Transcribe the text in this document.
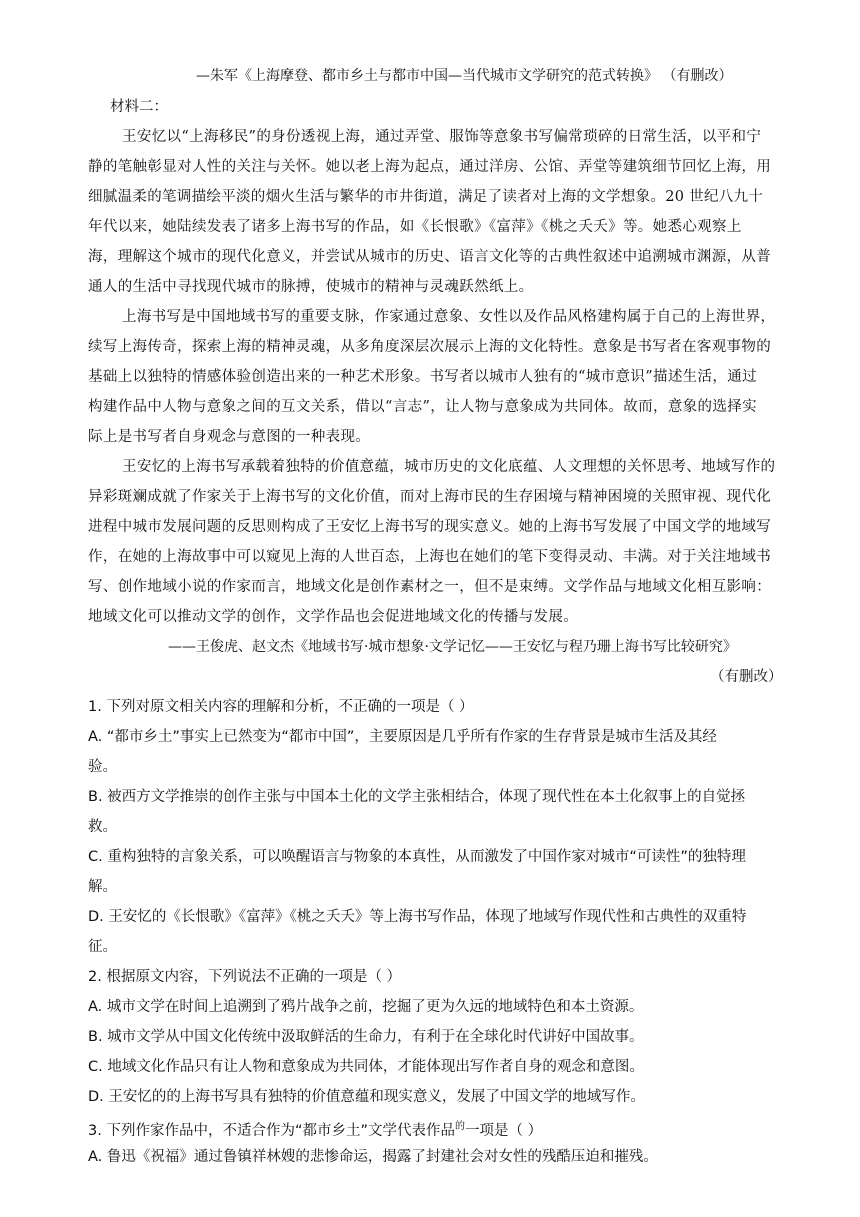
—朱军《上海摩登、都市乡土与都市中国—当代城市文学研究的范式转换》 （有删改）
材料二：
王安忆以“上海移民”的身份透视上海，通过弄堂、服饰等意象书写偏常琐碎的日常生活，以平和宁
静的笔触彰显对人性的关注与关怀。她以老上海为起点，通过洋房、公馆、弄堂等建筑细节回忆上海，用
细腻温柔的笔调描绘平淡的烟火生活与繁华的市井街道，满足了读者对上海的文学想象。20 世纪八九十
年代以来，她陆续发表了诸多上海书写的作品，如《长恨歌》《富萍》《桃之夭夭》等。她悉心观察上
海，理解这个城市的现代化意义，并尝试从城市的历史、语言文化等的古典性叙述中追溯城市渊源，从普
通人的生活中寻找现代城市的脉搏，使城市的精神与灵魂跃然纸上。
上海书写是中国地域书写的重要支脉，作家通过意象、女性以及作品风格建构属于自己的上海世界，
续写上海传奇，探索上海的精神灵魂，从多角度深层次展示上海的文化特性。意象是书写者在客观事物的
基础上以独特的情感体验创造出来的一种艺术形象。书写者以城市人独有的“城市意识”描述生活，通过
构建作品中人物与意象之间的互文关系，借以“言志”，让人物与意象成为共同体。故而，意象的选择实
际上是书写者自身观念与意图的一种表现。
王安忆的上海书写承载着独特的价值意蕴，城市历史的文化底蕴、人文理想的关怀思考、地域写作的
异彩斑斓成就了作家关于上海书写的文化价值，而对上海市民的生存困境与精神困境的关照审视、现代化
进程中城市发展问题的反思则构成了王安忆上海书写的现实意义。她的上海书写发展了中国文学的地域写
作，在她的上海故事中可以窥见上海的人世百态，上海也在她们的笔下变得灵动、丰满。对于关注地域书
写、创作地域小说的作家而言，地域文化是创作素材之一，但不是束缚。文学作品与地域文化相互影响：
地域文化可以推动文学的创作，文学作品也会促进地域文化的传播与发展。
——王俊虎、赵文杰《地域书写·城市想象·文学记忆——王安忆与程乃珊上海书写比较研究》
（有删改）
1. 下列对原文相关内容的理解和分析，不正确的一项是（ ）
A. “都市乡土”事实上已然变为“都市中国”，主要原因是几乎所有作家的生存背景是城市生活及其经
验。
B. 被西方文学推崇的创作主张与中国本土化的文学主张相结合，体现了现代性在本土化叙事上的自觉拯
救。
C. 重构独特的言象关系，可以唤醒语言与物象的本真性，从而激发了中国作家对城市“可读性”的独特理
解。
D. 王安忆的《长恨歌》《富萍》《桃之夭夭》等上海书写作品，体现了地域写作现代性和古典性的双重特
征。
2. 根据原文内容，下列说法不正确的一项是（ ）
A. 城市文学在时间上追溯到了鸦片战争之前，挖掘了更为久远的地域特色和本土资源。
B. 城市文学从中国文化传统中汲取鲜活的生命力，有利于在全球化时代讲好中国故事。
C. 地域文化作品只有让人物和意象成为共同体，才能体现出写作者自身的观念和意图。
D. 王安忆的的上海书写具有独特的价值意蕴和现实意义，发展了中国文学的地域写作。
3. 下列作家作品中，不适合作为“都市乡土”文学代表作品$^的$一项是（ ）
A. 鲁迅《祝福》通过鲁镇祥林嫂的悲惨命运，揭露了封建社会对女性的残酷压迫和摧残。
